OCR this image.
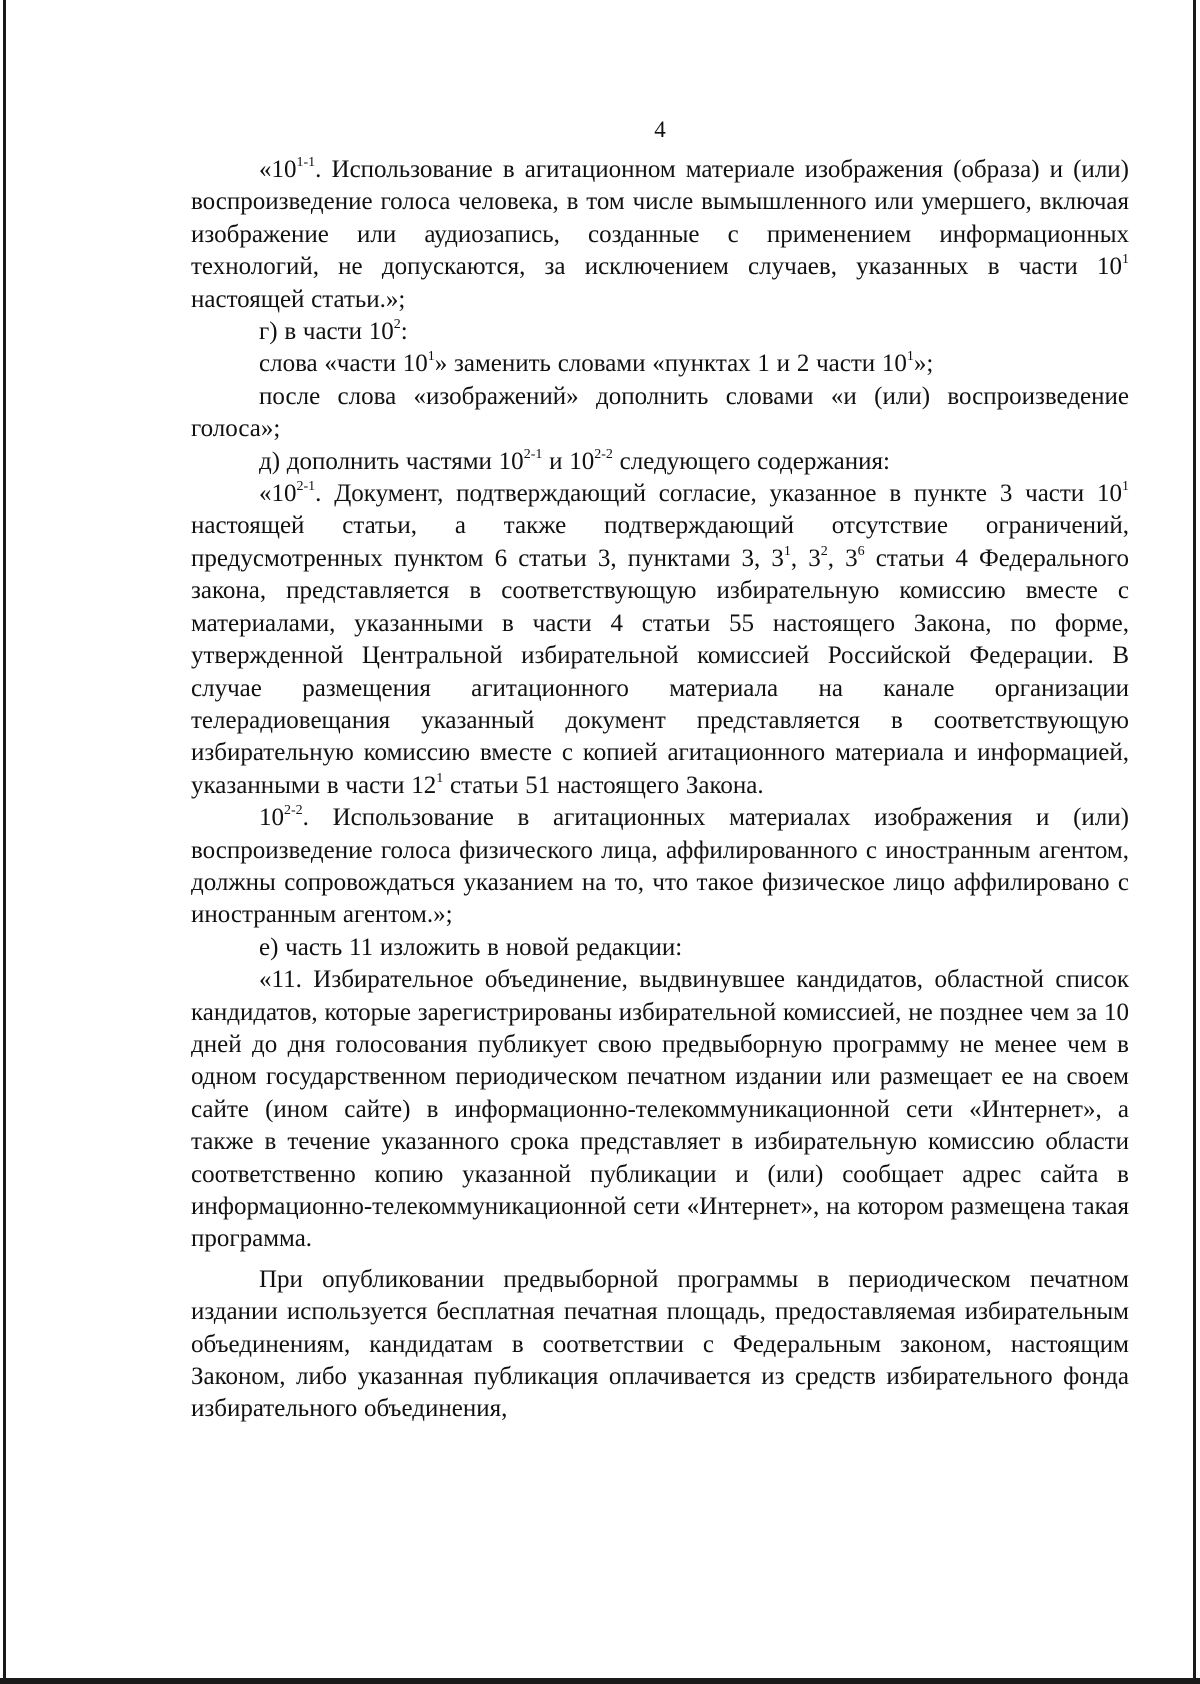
4

«10$^{1-1}$. Использование в агитационном материале изображения (образа) и (или) воспроизведение голоса человека, в том числе вымышленного или умершего, включая изображение или аудиозапись, созданные с применением информационных технологий, не допускаются, за исключением случаев, указанных в части $10^1$ настоящей статьи.»;

г) в части $10^2$:

слова «части $10^1$» заменить словами «пунктах 1 и 2 части $10^1$»;

после слова «изображений» дополнить словами «и (или) воспроизведение голоса»;

д) дополнить частями 10$^{2-1}$ и 10$^{2-2}$ следующего содержания:

«10$^{2-1}$. Документ, подтверждающий согласие, указанное в пункте 3 части $10^1$ настоящей статьи, а также подтверждающий отсутствие ограничений, предусмотренных пунктом 6 статьи 3, пунктами 3, $3^1$, $3^2$, $3^6$ статьи 4 Федерального закона, представляется в соответствующую избирательную комиссию вместе с материалами, указанными в части 4 статьи 55 настоящего Закона, по форме, утвержденной Центральной избирательной комиссией Российской Федерации. В случае размещения агитационного материала на канале организации телерадиовещания указанный документ представляется в соответствующую избирательную комиссию вместе с копией агитационного материала и информацией, указанными в части $12^1$ статьи 51 настоящего Закона.

10$^{2-2}$. Использование в агитационных материалах изображения и (или) воспроизведение голоса физического лица, аффилированного с иностранным агентом, должны сопровождаться указанием на то, что такое физическое лицо аффилировано с иностранным агентом.»;

е) часть 11 изложить в новой редакции:

«11. Избирательное объединение, выдвинувшее кандидатов, областной список кандидатов, которые зарегистрированы избирательной комиссией, не позднее чем за 10 дней до дня голосования публикует свою предвыборную программу не менее чем в одном государственном периодическом печатном издании или размещает ее на своем сайте (ином сайте) в информационно-телекоммуникационной сети «Интернет», а также в течение указанного срока представляет в избирательную комиссию области соответственно копию указанной публикации и (или) сообщает адрес сайта в информационно-телекоммуникационной сети «Интернет», на котором размещена такая программа.

При опубликовании предвыборной программы в периодическом печатном издании используется бесплатная печатная площадь, предоставляемая избирательным объединениям, кандидатам в соответствии с Федеральным законом, настоящим Законом, либо указанная публикация оплачивается из средств избирательного фонда избирательного объединения,
